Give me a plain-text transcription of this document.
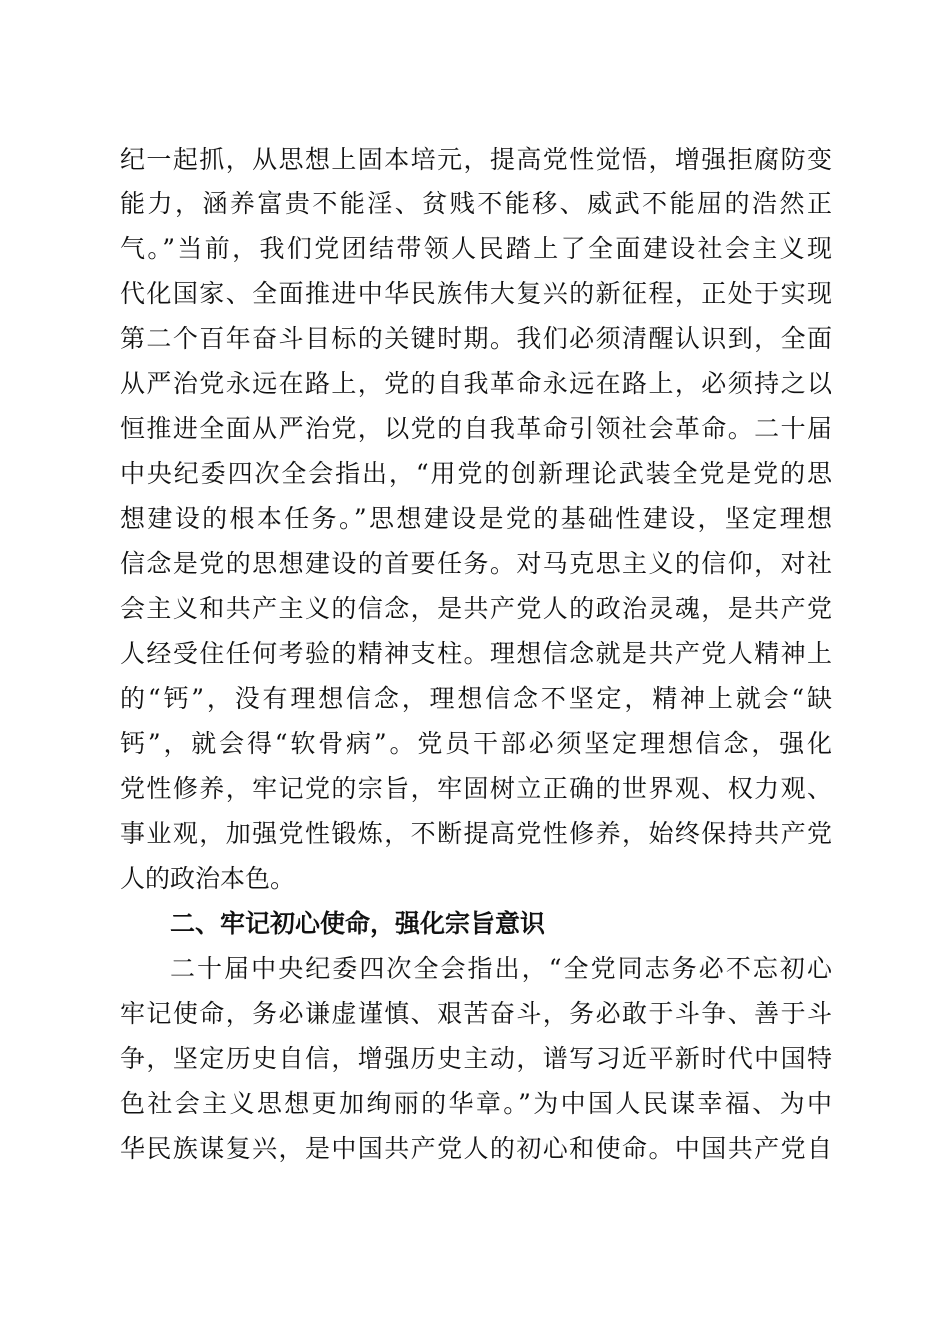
纪一起抓，从思想上固本培元，提高党性觉悟，增强拒腐防变
能力，涵养富贵不能淫、贫贱不能移、威武不能屈的浩然正
气。”当前，我们党团结带领人民踏上了全面建设社会主义现
代化国家、全面推进中华民族伟大复兴的新征程，正处于实现
第二个百年奋斗目标的关键时期。我们必须清醒认识到，全面
从严治党永远在路上，党的自我革命永远在路上，必须持之以
恒推进全面从严治党，以党的自我革命引领社会革命。二十届
中央纪委四次全会指出，“用党的创新理论武装全党是党的思
想建设的根本任务。”思想建设是党的基础性建设，坚定理想
信念是党的思想建设的首要任务。对马克思主义的信仰，对社
会主义和共产主义的信念，是共产党人的政治灵魂，是共产党
人经受住任何考验的精神支柱。理想信念就是共产党人精神上
的“钙”，没有理想信念，理想信念不坚定，精神上就会“缺
钙”，就会得“软骨病”。党员干部必须坚定理想信念，强化
党性修养，牢记党的宗旨，牢固树立正确的世界观、权力观、
事业观，加强党性锻炼，不断提高党性修养，始终保持共产党
人的政治本色。
二、牢记初心使命，强化宗旨意识
二十届中央纪委四次全会指出，“全党同志务必不忘初心
牢记使命，务必谦虚谨慎、艰苦奋斗，务必敢于斗争、善于斗
争，坚定历史自信，增强历史主动，谱写习近平新时代中国特
色社会主义思想更加绚丽的华章。”为中国人民谋幸福、为中
华民族谋复兴，是中国共产党人的初心和使命。中国共产党自
